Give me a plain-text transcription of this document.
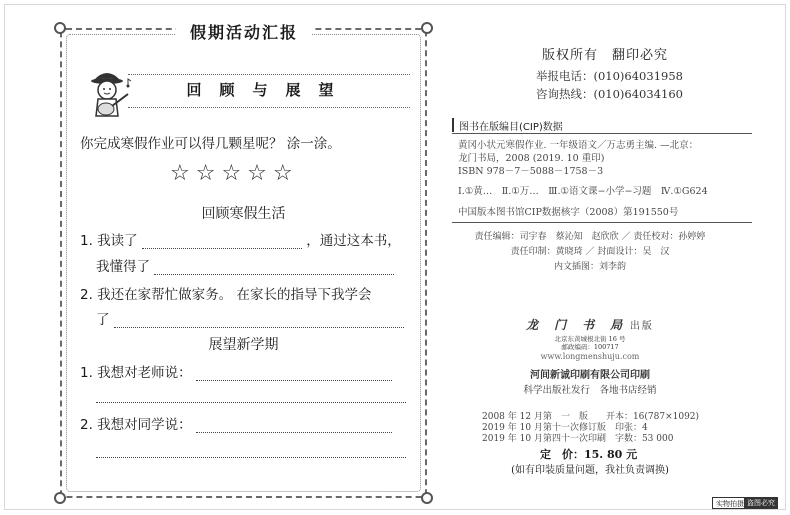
假期活动汇报
回顾与展望
你完成寒假作业可以得几颗星呢？ 涂一涂。
☆☆☆☆☆
回顾寒假生活
1. 我读了	，通过这本书，
我懂得了
2. 我还在家帮忙做家务。 在家长的指导下我学会
了
展望新学期
1. 我想对老师说：
2. 我想对同学说：
版权所有　翻印必究
举报电话：(010)64031958
咨询热线：(010)64034160
图书在版编目(CIP)数据
黄冈小状元寒假作业. 一年级语文／万志勇主编. —北京：
龙门书局，2008 (2019. 10 重印)
ISBN 978－7－5088－1758－3
Ⅰ.①黄…　Ⅱ.①万…　Ⅲ.①语文课−小学−习题　Ⅳ.①G624
中国版本图书馆CIP数据核字（2008）第191550号
责任编辑：司宇春　蔡沁知　赵欣欣 ／ 责任校对：孙婷婷
责任印制：黄晓琦 ／ 封面设计：吴　汉
内文插图：刘李韵
龙　门　书　局 出版
北京东黄城根北街 16 号
邮政编码：100717
www.longmenshuju.com
河间新诚印刷有限公司印刷
科学出版社发行　各地书店经销
2008 年 12 月第　一　版　　开本：16(787×1092)
2019 年 10 月第十一次修订版　印张：4
2019 年 10 月第四十一次印刷　字数：53 000
定　价：15. 80 元
(如有印装质量问题，我社负责调换)
实物拍摄 盗图必究
